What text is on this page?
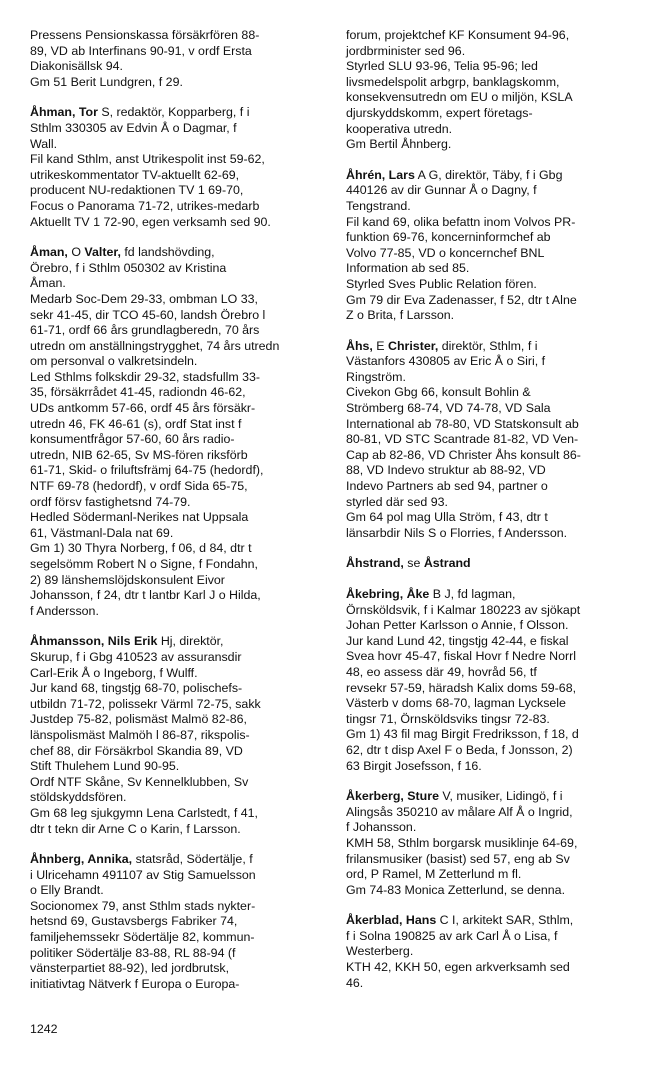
Pressens Pensionskassa försäkrfören 88-

89, VD ab Interfinans 90-91, v ordf Ersta

Diakonisällsk 94.

Gm 51 Berit Lundgren, f 29.

Åhman, Tor S, redaktör, Kopparberg, f i

Sthlm 330305 av Edvin Å o Dagmar, f

Wall.

Fil kand Sthlm, anst Utrikespolit inst 59-62,

utrikeskommentator TV-aktuellt 62-69,

producent NU-redaktionen TV 1 69-70,

Focus o Panorama 71-72, utrikes-medarb

Aktuellt TV 1 72-90, egen verksamh sed 90.

Åman, O Valter, fd landshövding,

Örebro, f i Sthlm 050302 av Kristina

Åman.

Medarb Soc-Dem 29-33, ombman LO 33,

sekr 41-45, dir TCO 45-60, landsh Örebro l

61-71, ordf 66 års grundlagberedn, 70 års

utredn om anställningstrygghet, 74 års utredn

om personval o valkretsindeln.

Led Sthlms folkskdir 29-32, stadsfullm 33-

35, försäkrrådet 41-45, radiondn 46-62,

UDs antkomm 57-66, ordf 45 års försäkr-

utredn 46, FK 46-61 (s), ordf Stat inst f

konsumentfrågor 57-60, 60 års radio-

utredn, NIB 62-65, Sv MS-fören riksförb

61-71, Skid- o friluftsfrämj 64-75 (hedordf),

NTF 69-78 (hedordf), v ordf Sida 65-75,

ordf försv fastighetsnd 74-79.

Hedled Södermanl-Nerikes nat Uppsala

61, Västmanl-Dala nat 69.

Gm 1) 30 Thyra Norberg, f 06, d 84, dtr t

segelsömm Robert N o Signe, f Fondahn,

2) 89 länshemslöjdskonsulent Eivor

Johansson, f 24, dtr t lantbr Karl J o Hilda,

f Andersson.

Åhmansson, Nils Erik Hj, direktör,

Skurup, f i Gbg 410523 av assuransdir

Carl-Erik Å o Ingeborg, f Wulff.

Jur kand 68, tingstjg 68-70, polischefs-

utbildn 71-72, polissekr Värml 72-75, sakk

Justdep 75-82, polismäst Malmö 82-86,

länspolismäst Malmöh l 86-87, rikspolis-

chef 88, dir Försäkrbol Skandia 89, VD

Stift Thulehem Lund 90-95.

Ordf NTF Skåne, Sv Kennelklubben, Sv

stöldskyddsfören.

Gm 68 leg sjukgymn Lena Carlstedt, f 41,

dtr t tekn dir Arne C o Karin, f Larsson.

Åhnberg, Annika, statsråd, Södertälje, f

i Ulricehamn 491107 av Stig Samuelsson

o Elly Brandt.

Socionomex 79, anst Sthlm stads nykter-

hetsnd 69, Gustavsbergs Fabriker 74,

familjehemssekr Södertälje 82, kommun-

politiker Södertälje 83-88, RL 88-94 (f

vänsterpartiet 88-92), led jordbrutsk,

initiativtag Nätverk f Europa o Europa-

forum, projektchef KF Konsument 94-96,

jordbrminister sed 96.

Styrled SLU 93-96, Telia 95-96; led

livsmedelspolit arbgrp, banklagskomm,

konsekvensutredn om EU o miljön, KSLA

djurskyddskomm, expert företags-

kooperativa utredn.

Gm Bertil Åhnberg.

Åhrén, Lars A G, direktör, Täby, f i Gbg

440126 av dir Gunnar Å o Dagny, f

Tengstrand.

Fil kand 69, olika befattn inom Volvos PR-

funktion 69-76, koncerninformchef ab

Volvo 77-85, VD o koncernchef BNL

Information ab sed 85.

Styrled Sves Public Relation fören.

Gm 79 dir Eva Zadenasser, f 52, dtr t Alne

Z o Brita, f Larsson.

Åhs, E Christer, direktör, Sthlm, f i

Västanfors 430805 av Eric Å o Siri, f

Ringström.

Civekon Gbg 66, konsult Bohlin &

Strömberg 68-74, VD 74-78, VD Sala

International ab 78-80, VD Statskonsult ab

80-81, VD STC Scantrade 81-82, VD Ven-

Cap ab 82-86, VD Christer Åhs konsult 86-

88, VD Indevo struktur ab 88-92, VD

Indevo Partners ab sed 94, partner o

styrled där sed 93.

Gm 64 pol mag Ulla Ström, f 43, dtr t

länsarbdir Nils S o Florries, f Andersson.

Åhstrand, se Åstrand

Åkebring, Åke B J, fd lagman,

Örnsköldsvik, f i Kalmar 180223 av sjökapt

Johan Petter Karlsson o Annie, f Olsson.

Jur kand Lund 42, tingstjg 42-44, e fiskal

Svea hovr 45-47, fiskal Hovr f Nedre Norrl

48, eo assess där 49, hovråd 56, tf

revsekr 57-59, häradsh Kalix doms 59-68,

Västerb v doms 68-70, lagman Lycksele

tingsr 71, Örnsköldsviks tingsr 72-83.

Gm 1) 43 fil mag Birgit Fredriksson, f 18, d

62, dtr t disp Axel F o Beda, f Jonsson, 2)

63 Birgit Josefsson, f 16.

Åkerberg, Sture V, musiker, Lidingö, f i

Alingsås 350210 av målare Alf Å o Ingrid,

f Johansson.

KMH 58, Sthlm borgarsk musiklinje 64-69,

frilansmusiker (basist) sed 57, eng ab Sv

ord, P Ramel, M Zetterlund m fl.

Gm 74-83 Monica Zetterlund, se denna.

Åkerblad, Hans C I, arkitekt SAR, Sthlm,

f i Solna 190825 av ark Carl Å o Lisa, f

Westerberg.

KTH 42, KKH 50, egen arkverksamh sed

46.

1242
